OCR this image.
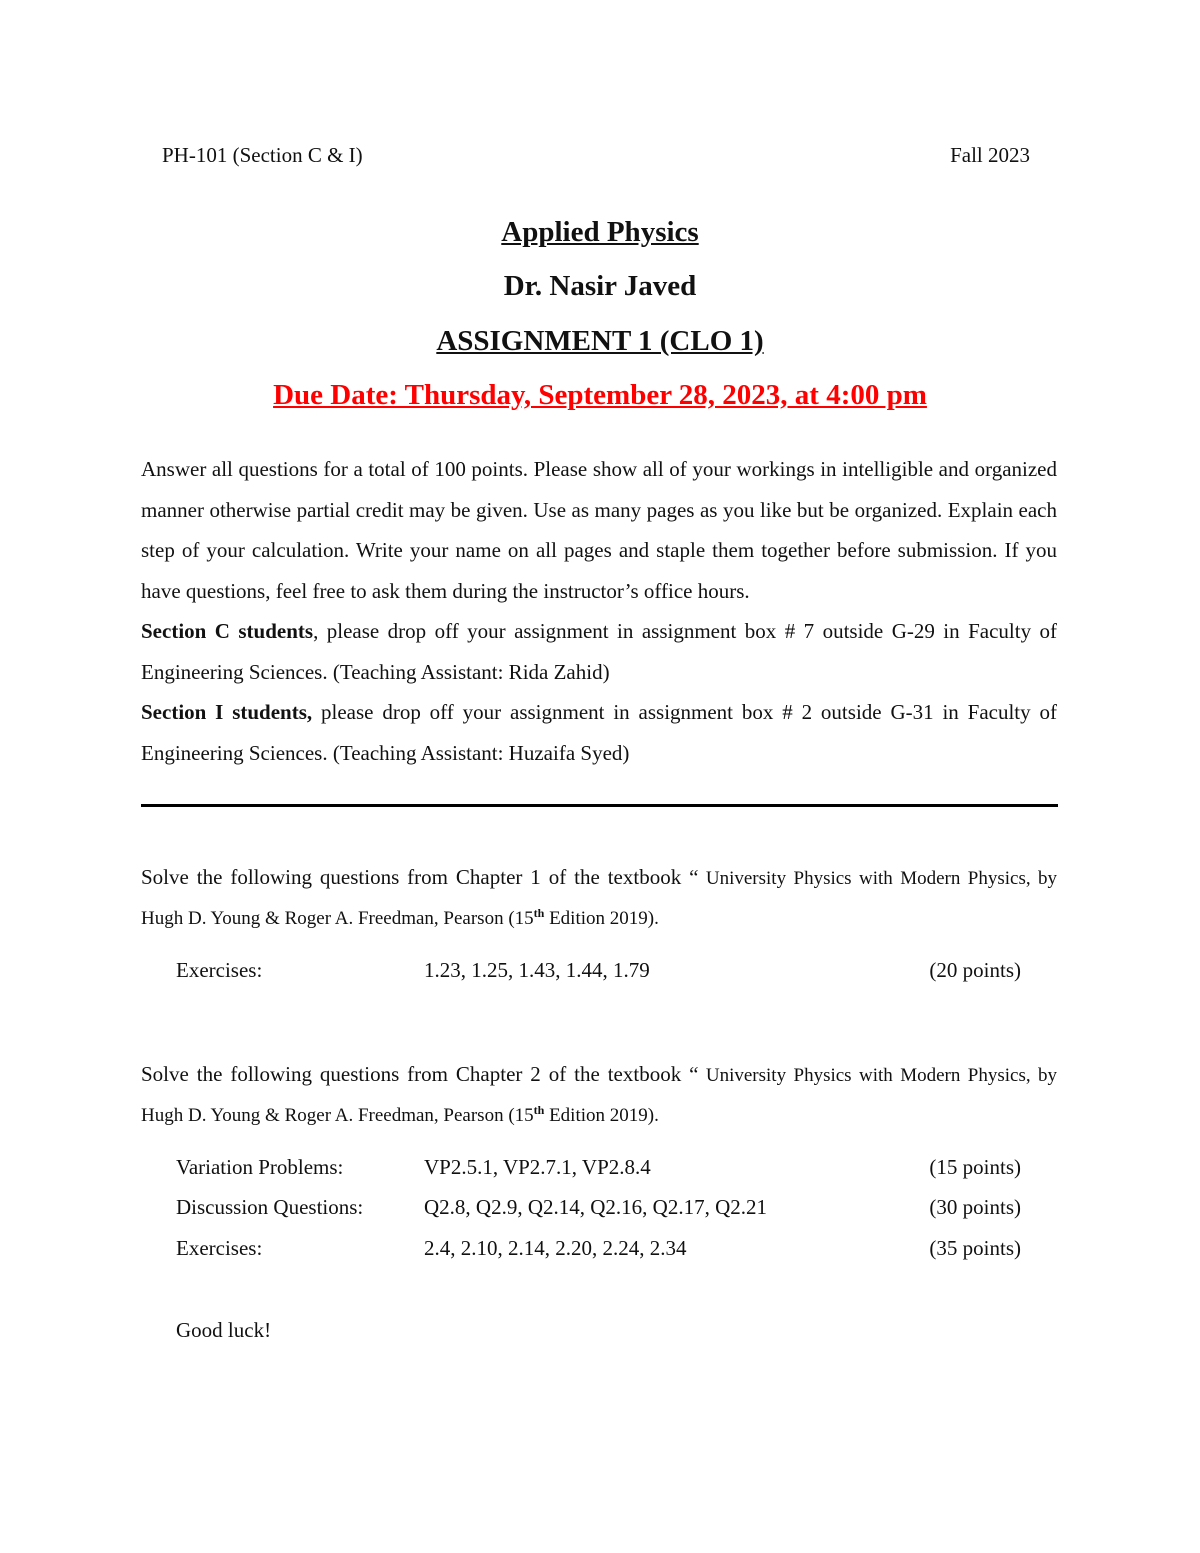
PH-101 (Section C & I)	Fall 2023
Applied Physics
Dr. Nasir Javed
ASSIGNMENT 1 (CLO 1)
Due Date: Thursday, September 28, 2023, at 4:00 pm

Answer all questions for a total of 100 points. Please show all of your workings in intelligible and organized manner otherwise partial credit may be given. Use as many pages as you like but be organized. Explain each step of your calculation. Write your name on all pages and staple them together before submission. If you have questions, feel free to ask them during the instructor’s office hours.

Section C students, please drop off your assignment in assignment box # 7 outside G-29 in Faculty of Engineering Sciences. (Teaching Assistant: Rida Zahid)

Section I students, please drop off your assignment in assignment box # 2 outside G-31 in Faculty of Engineering Sciences. (Teaching Assistant: Huzaifa Syed)

Solve the following questions from Chapter 1 of the textbook “ University Physics with Modern Physics, by Hugh D. Young & Roger A. Freedman, Pearson (15th Edition 2019).
Exercises:	1.23, 1.25, 1.43, 1.44, 1.79	(20 points)
Solve the following questions from Chapter 2 of the textbook “ University Physics with Modern Physics, by Hugh D. Young & Roger A. Freedman, Pearson (15th Edition 2019).
Variation Problems:	VP2.5.1, VP2.7.1, VP2.8.4	(15 points)
Discussion Questions:	Q2.8, Q2.9, Q2.14, Q2.16, Q2.17, Q2.21	(30 points)
Exercises:	2.4, 2.10, 2.14, 2.20, 2.24, 2.34	(35 points)
Good luck!
